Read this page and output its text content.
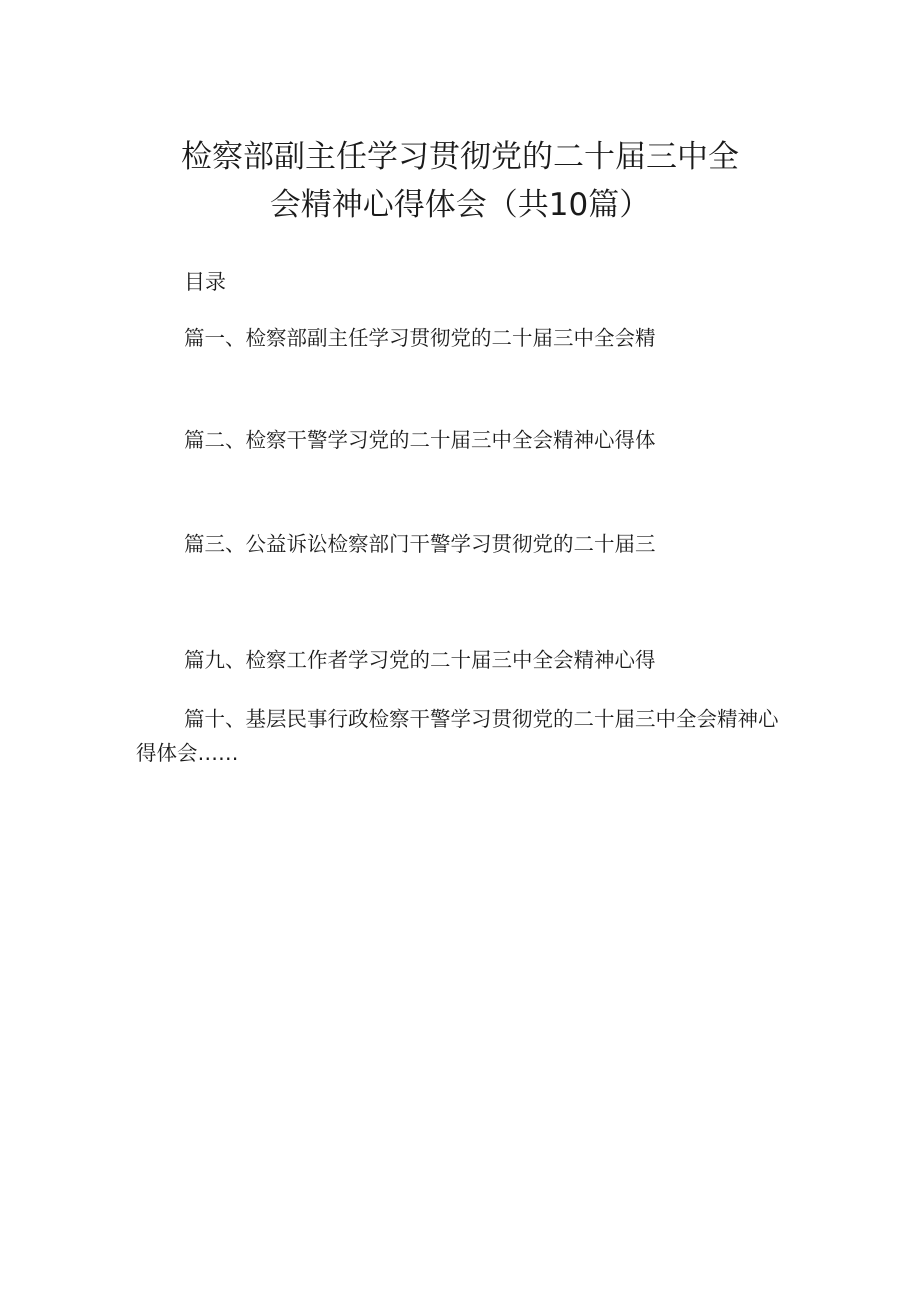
检察部副主任学习贯彻党的二十届三中全
会精神心得体会（共10篇）
目录
篇一、检察部副主任学习贯彻党的二十届三中全会精
篇二、检察干警学习党的二十届三中全会精神心得体
篇三、公益诉讼检察部门干警学习贯彻党的二十届三
篇九、检察工作者学习党的二十届三中全会精神心得
篇十、基层民事行政检察干警学习贯彻党的二十届三中全会精神心得体会……
